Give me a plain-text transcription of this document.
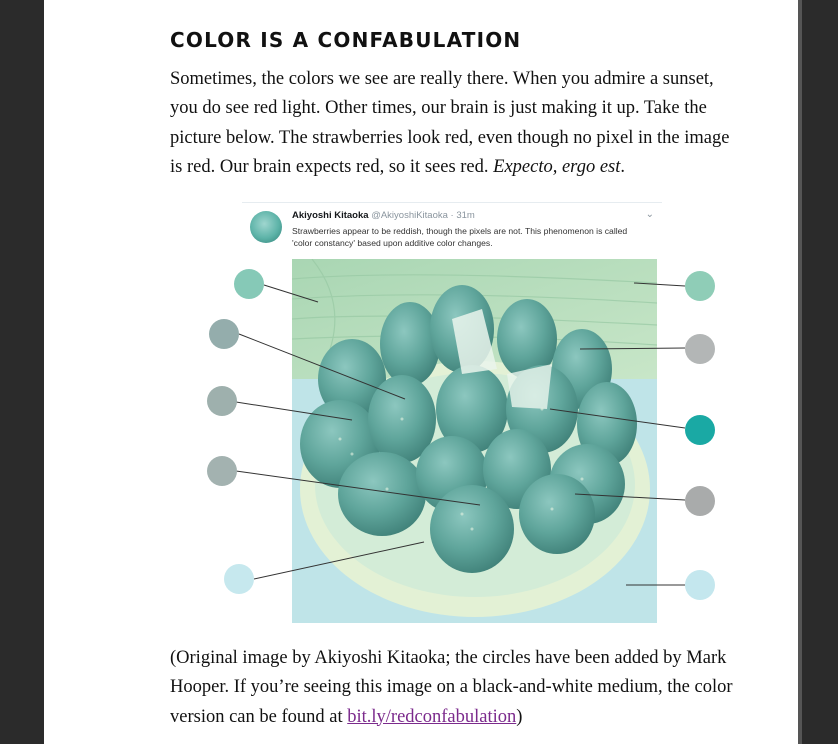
COLOR IS A CONFABULATION

Sometimes, the colors we see are really there. When you admire a sunset, you do see red light. Other times, our brain is just making it up. Take the picture below. The strawberries look red, even though no pixel in the image is red. Our brain expects red, so it sees red. Expecto, ergo est.

Akiyoshi Kitaoka @AkiyoshiKitaoka · 31m	⌄
Strawberries appear to be reddish, though the pixels are not. This phenomenon is called 'color constancy' based upon additive color changes.

(Original image by Akiyoshi Kitaoka; the circles have been added by Mark Hooper. If you’re seeing this image on a black-and-white medium, the color version can be found at bit.ly/redconfabulation)
